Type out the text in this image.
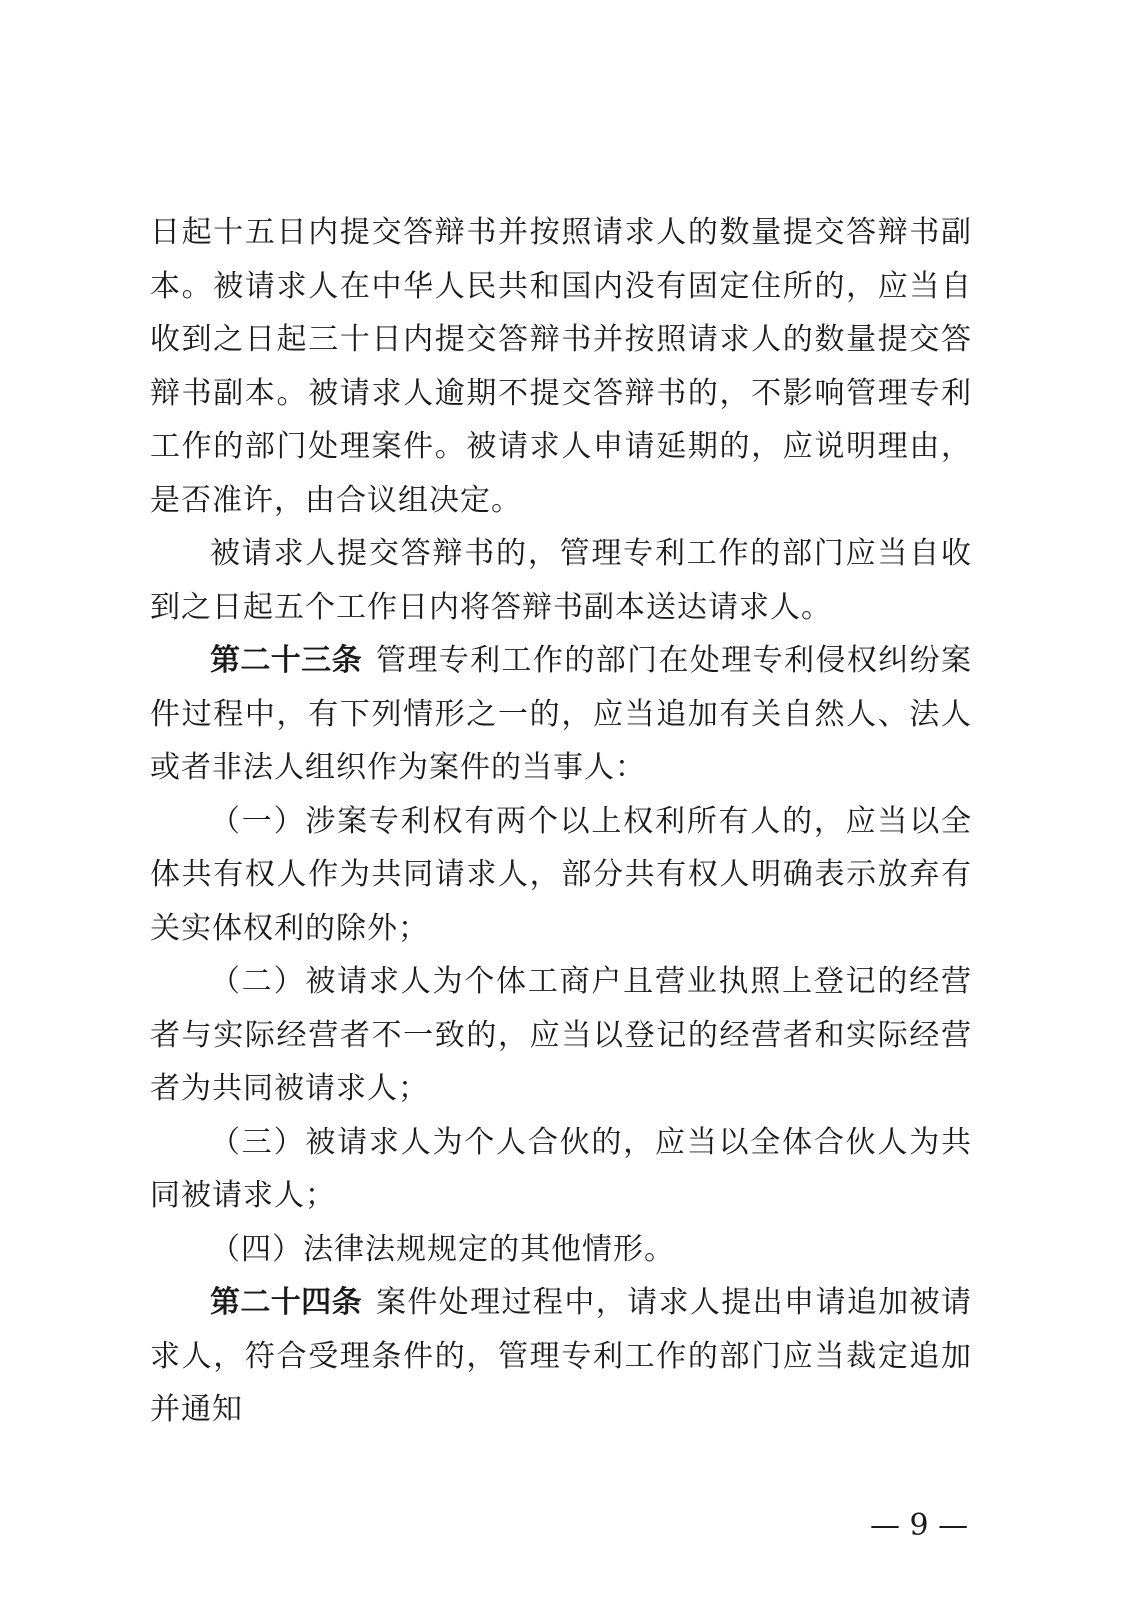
日起十五日内提交答辩书并按照请求人的数量提交答辩书副本。被请求人在中华人民共和国内没有固定住所的，应当自收到之日起三十日内提交答辩书并按照请求人的数量提交答辩书副本。被请求人逾期不提交答辩书的，不影响管理专利工作的部门处理案件。被请求人申请延期的，应说明理由，是否准许，由合议组决定。

被请求人提交答辩书的，管理专利工作的部门应当自收到之日起五个工作日内将答辩书副本送达请求人。

第二十三条 管理专利工作的部门在处理专利侵权纠纷案件过程中，有下列情形之一的，应当追加有关自然人、法人或者非法人组织作为案件的当事人：

（一）涉案专利权有两个以上权利所有人的，应当以全体共有权人作为共同请求人，部分共有权人明确表示放弃有关实体权利的除外；

（二）被请求人为个体工商户且营业执照上登记的经营者与实际经营者不一致的，应当以登记的经营者和实际经营者为共同被请求人；

（三）被请求人为个人合伙的，应当以全体合伙人为共同被请求人；

（四）法律法规规定的其他情形。

第二十四条 案件处理过程中，请求人提出申请追加被请求人，符合受理条件的，管理专利工作的部门应当裁定追加并通知

— 9 —
